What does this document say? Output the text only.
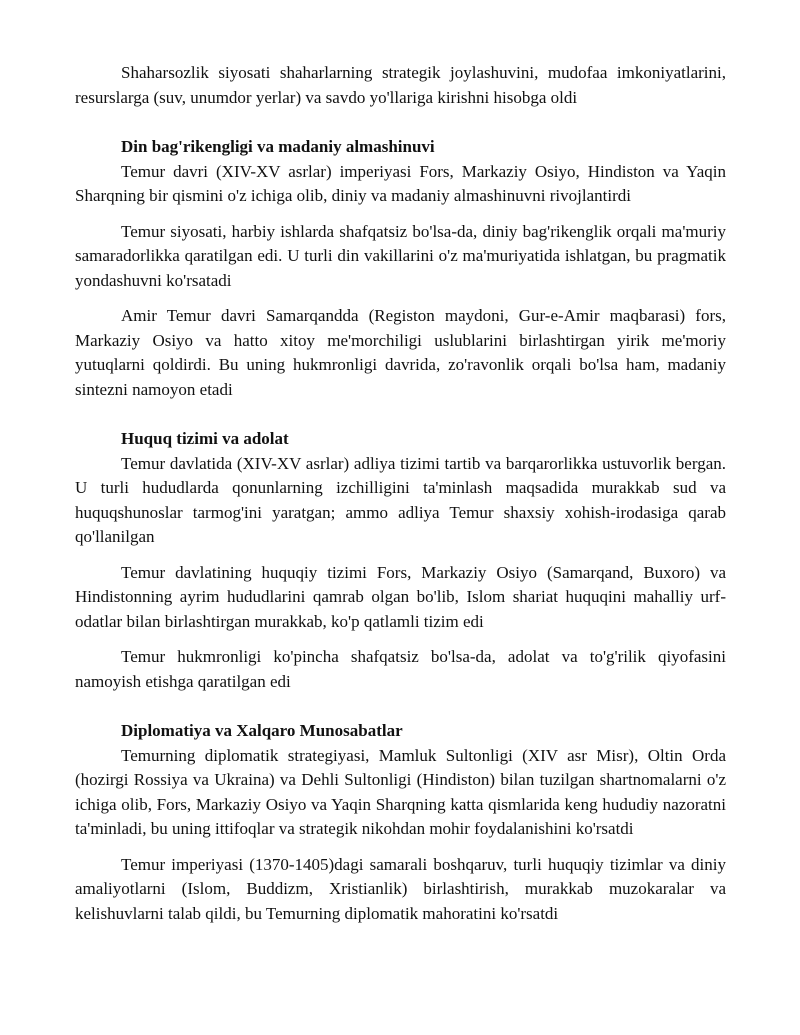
Shaharsozlik siyosati shaharlarning strategik joylashuvini, mudofaa imkoniyatlarini, resurslarga (suv, unumdor yerlar) va savdo yo'llariga kirishni hisobga oldi

Din bag'rikengligi va madaniy almashinuvi

Temur davri (XIV-XV asrlar) imperiyasi Fors, Markaziy Osiyo, Hindiston va Yaqin Sharqning bir qismini o'z ichiga olib, diniy va madaniy almashinuvni rivojlantirdi

Temur siyosati, harbiy ishlarda shafqatsiz bo'lsa-da, diniy bag'rikenglik orqali ma'muriy samaradorlikka qaratilgan edi. U turli din vakillarini o'z ma'muriyatida ishlatgan, bu pragmatik yondashuvni ko'rsatadi

Amir Temur davri Samarqandda (Registon maydoni, Gur-e-Amir maqbarasi) fors, Markaziy Osiyo va hatto xitoy me'morchiligi uslublarini birlashtirgan yirik me'moriy yutuqlarni qoldirdi. Bu uning hukmronligi davrida, zo'ravonlik orqali bo'lsa ham, madaniy sintezni namoyon etadi

Huquq tizimi va adolat

Temur davlatida (XIV-XV asrlar) adliya tizimi tartib va barqarorlikka ustuvorlik bergan. U turli hududlarda qonunlarning izchilligini ta'minlash maqsadida murakkab sud va huquqshunoslar tarmog'ini yaratgan; ammo adliya Temur shaxsiy xohish-irodasiga qarab qo'llanilgan

Temur davlatining huquqiy tizimi Fors, Markaziy Osiyo (Samarqand, Buxoro) va Hindistonning ayrim hududlarini qamrab olgan bo'lib, Islom shariat huquqini mahalliy urf-odatlar bilan birlashtirgan murakkab, ko'p qatlamli tizim edi

Temur hukmronligi ko'pincha shafqatsiz bo'lsa-da, adolat va to'g'rilik qiyofasini namoyish etishga qaratilgan edi

Diplomatiya va Xalqaro Munosabatlar

Temurning diplomatik strategiyasi, Mamluk Sultonligi (XIV asr Misr), Oltin Orda (hozirgi Rossiya va Ukraina) va Dehli Sultonligi (Hindiston) bilan tuzilgan shartnomalarni o'z ichiga olib, Fors, Markaziy Osiyo va Yaqin Sharqning katta qismlarida keng hududiy nazoratni ta'minladi, bu uning ittifoqlar va strategik nikohdan mohir foydalanishini ko'rsatdi

Temur imperiyasi (1370-1405)dagi samarali boshqaruv, turli huquqiy tizimlar va diniy amaliyotlarni (Islom, Buddizm, Xristianlik) birlashtirish, murakkab muzokaralar va kelishuvlarni talab qildi, bu Temurning diplomatik mahoratini ko'rsatdi
